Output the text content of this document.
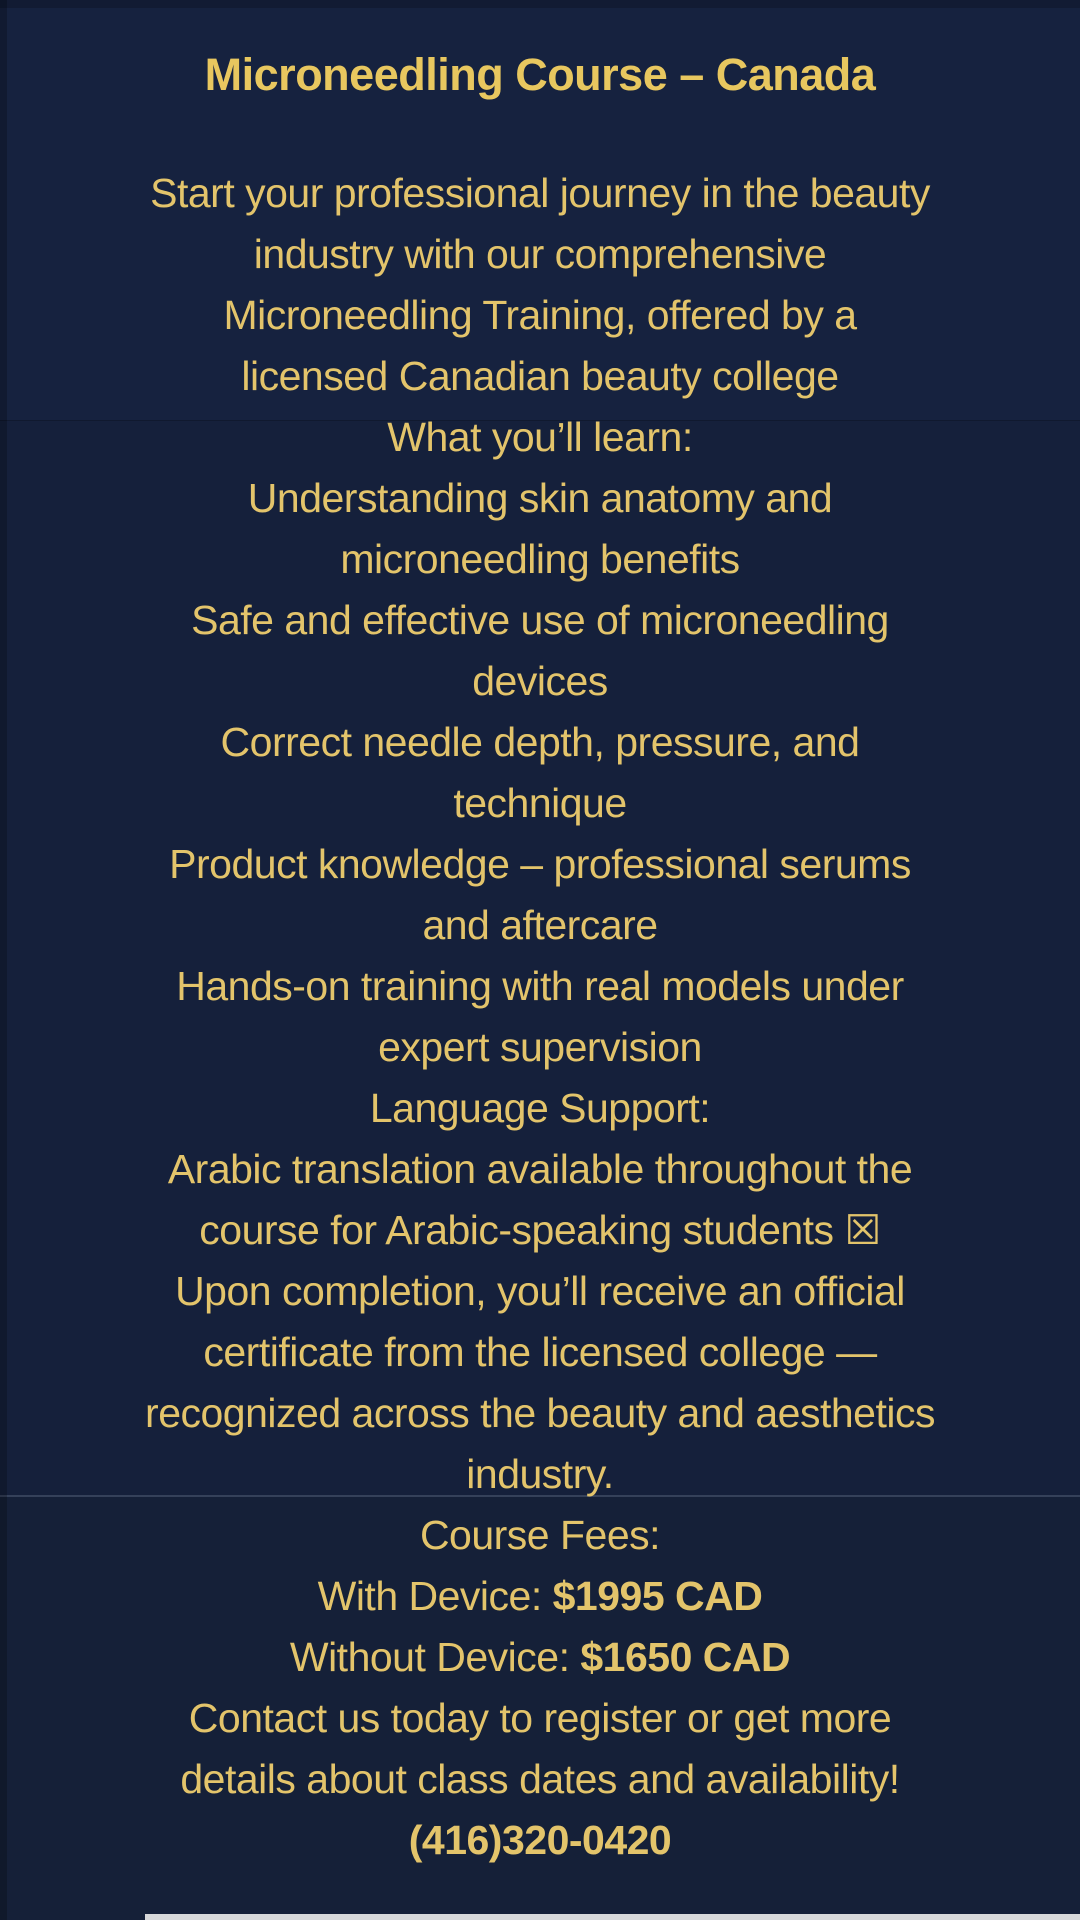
Microneedling Course – Canada
Start your professional journey in the beauty
industry with our comprehensive
Microneedling Training, offered by a
licensed Canadian beauty college
What you’ll learn:
Understanding skin anatomy and
microneedling benefits
Safe and effective use of microneedling
devices
Correct needle depth, pressure, and
technique
Product knowledge – professional serums
and aftercare
Hands-on training with real models under
expert supervision
Language Support:
Arabic translation available throughout the
course for Arabic-speaking students ☒
Upon completion, you’ll receive an official
certificate from the licensed college —
recognized across the beauty and aesthetics
industry.
Course Fees:
With Device: $1995 CAD
Without Device: $1650 CAD
Contact us today to register or get more
details about class dates and availability!
(416)320-0420
